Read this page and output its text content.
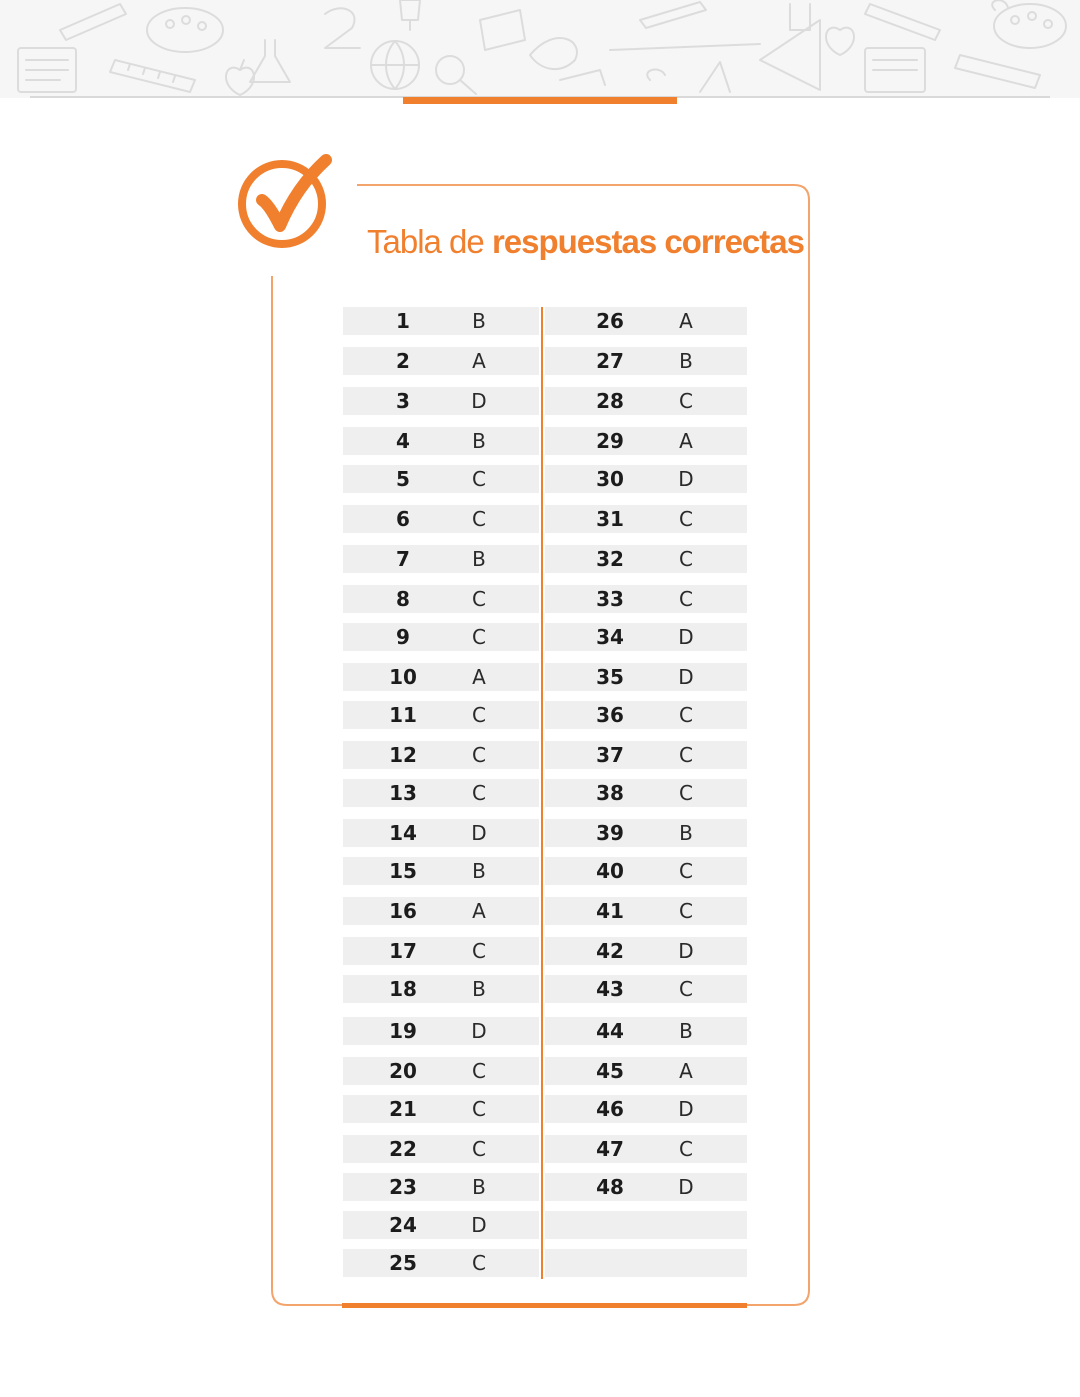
Tabla de respuestas correctas
1	B
2	A
3	D
4	B
5	C
6	C
7	B
8	C
9	C
10	A
11	C
12	C
13	C
14	D
15	B
16	A
17	C
18	B
19	D
20	C
21	C
22	C
23	B
24	D
25	C
26	A
27	B
28	C
29	A
30	D
31	C
32	C
33	C
34	D
35	D
36	C
37	C
38	C
39	B
40	C
41	C
42	D
43	C
44	B
45	A
46	D
47	C
48	D
